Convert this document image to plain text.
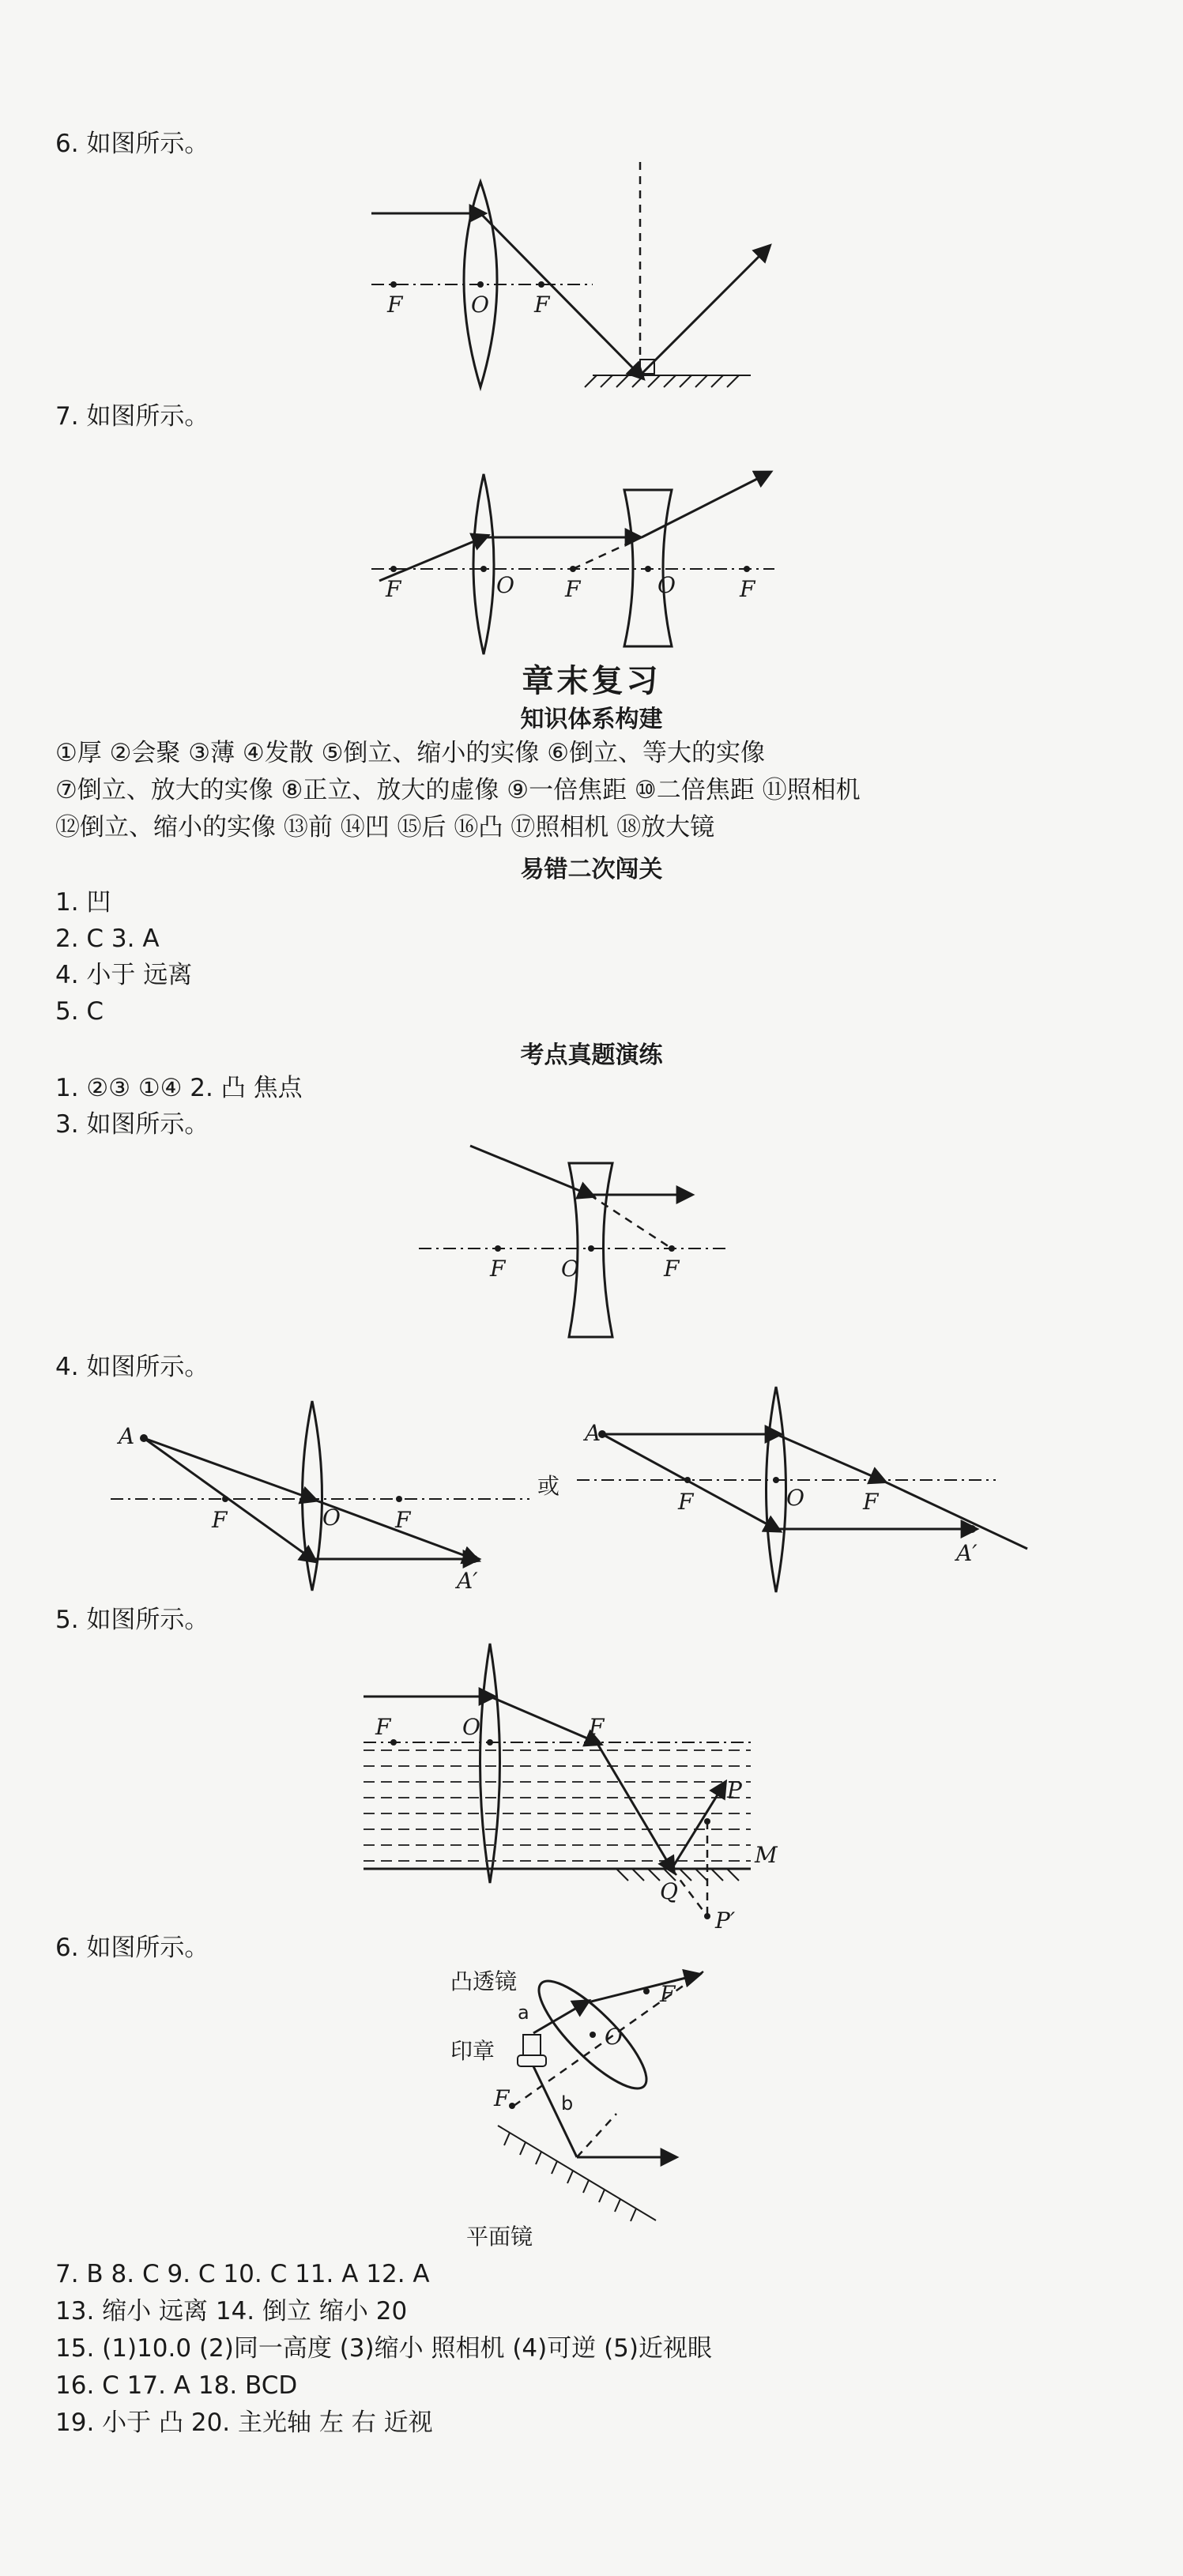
6. 如图所示。
F	O F
7. 如图所示。
F	O F	O	F
章末复习
知识体系构建
①厚 ②会聚 ③薄 ④发散 ⑤倒立、缩小的实像 ⑥倒立、等大的实像
⑦倒立、放大的实像 ⑧正立、放大的虚像 ⑨一倍焦距 ⑩二倍焦距 ⑪照相机
⑫倒立、缩小的实像 ⑬前 ⑭凹 ⑮后 ⑯凸 ⑰照相机 ⑱放大镜
易错二次闯关
1. 凹
2. C 3. A
4. 小于 远离
5. C
考点真题演练
1. ②③ ①④ 2. 凸 焦点
3. 如图所示。
F	O	F
4. 如图所示。
A
F	O F
A′
或
A
F	O	F
A′
5. 如图所示。
F	O	F
P
M
Q
P′
6. 如图所示。
凸透镜
a
印章
O
F
F	b
平面镜
7. B 8. C 9. C 10. C 11. A 12. A
13. 缩小 远离 14. 倒立 缩小 20
15. (1)10.0 (2)同一高度 (3)缩小 照相机 (4)可逆 (5)近视眼
16. C 17. A 18. BCD
19. 小于 凸 20. 主光轴 左 右 近视
